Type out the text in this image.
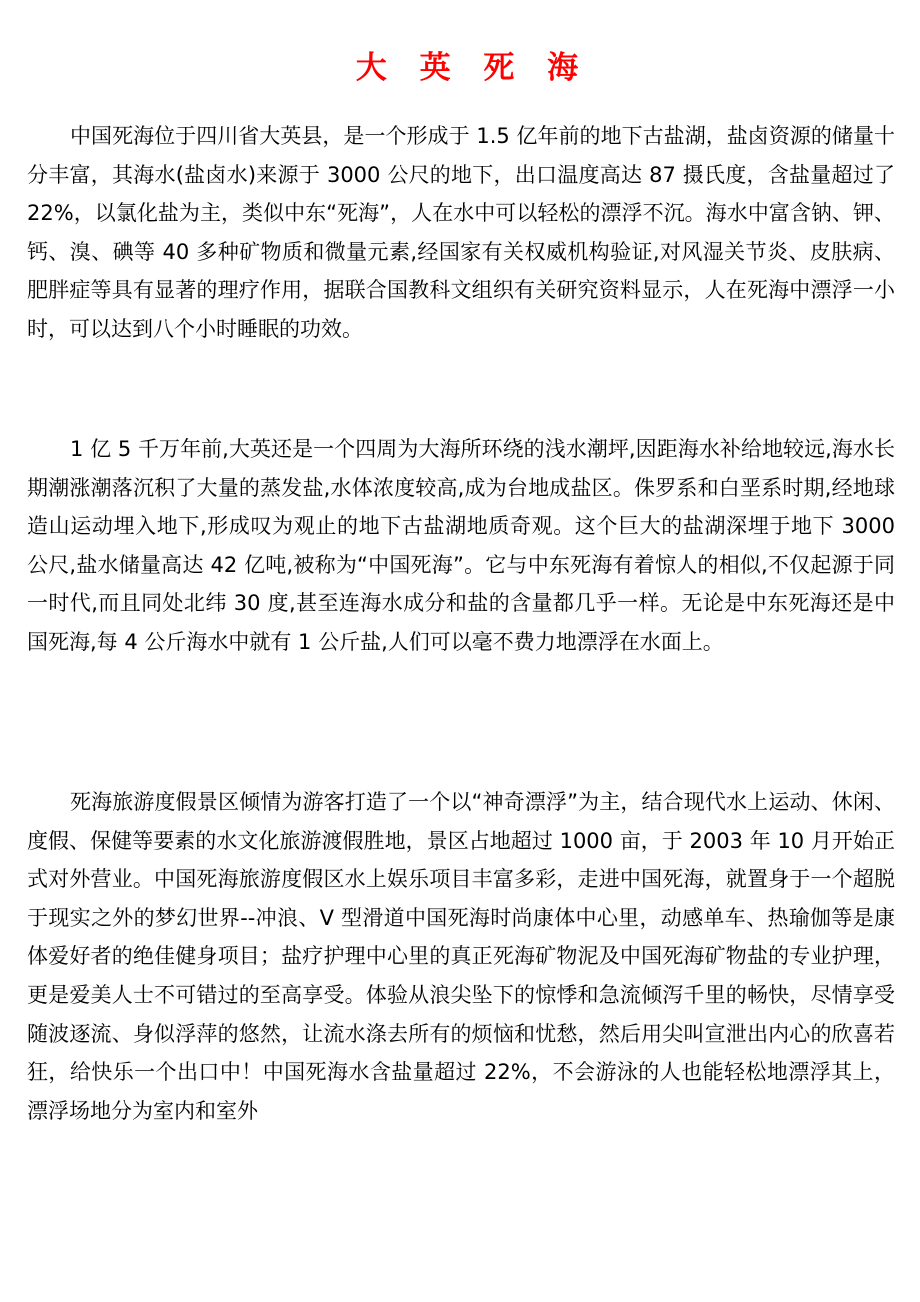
大 英 死 海

中国死海位于四川省大英县，是一个形成于 1.5 亿年前的地下古盐湖，盐卤资源的储量十分丰富，其海水(盐卤水)来源于 3000 公尺的地下，出口温度高达 87 摄氏度，含盐量超过了 22%，以氯化盐为主，类似中东“死海”，人在水中可以轻松的漂浮不沉。海水中富含钠、钾、钙、溴、碘等 40 多种矿物质和微量元素,经国家有关权威机构验证,对风湿关节炎、皮肤病、肥胖症等具有显著的理疗作用，据联合国教科文组织有关研究资料显示，人在死海中漂浮一小时，可以达到八个小时睡眠的功效。

1 亿 5 千万年前,大英还是一个四周为大海所环绕的浅水潮坪,因距海水补给地较远,海水长期潮涨潮落沉积了大量的蒸发盐,水体浓度较高,成为台地成盐区。侏罗系和白垩系时期,经地球造山运动埋入地下,形成叹为观止的地下古盐湖地质奇观。这个巨大的盐湖深埋于地下 3000 公尺,盐水储量高达 42 亿吨,被称为“中国死海”。它与中东死海有着惊人的相似,不仅起源于同一时代,而且同处北纬 30 度,甚至连海水成分和盐的含量都几乎一样。无论是中东死海还是中国死海,每 4 公斤海水中就有 1 公斤盐,人们可以毫不费力地漂浮在水面上。

死海旅游度假景区倾情为游客打造了一个以“神奇漂浮”为主，结合现代水上运动、休闲、度假、保健等要素的水文化旅游渡假胜地，景区占地超过 1000 亩，于 2003 年 10 月开始正式对外营业。中国死海旅游度假区水上娱乐项目丰富多彩，走进中国死海，就置身于一个超脱于现实之外的梦幻世界--冲浪、V 型滑道中国死海时尚康体中心里，动感单车、热瑜伽等是康体爱好者的绝佳健身项目；盐疗护理中心里的真正死海矿物泥及中国死海矿物盐的专业护理，更是爱美人士不可错过的至高享受。体验从浪尖坠下的惊悸和急流倾泻千里的畅快，尽情享受随波逐流、身似浮萍的悠然，让流水涤去所有的烦恼和忧愁，然后用尖叫宣泄出内心的欣喜若狂，给快乐一个出口中！中国死海水含盐量超过 22%，不会游泳的人也能轻松地漂浮其上，漂浮场地分为室内和室外
